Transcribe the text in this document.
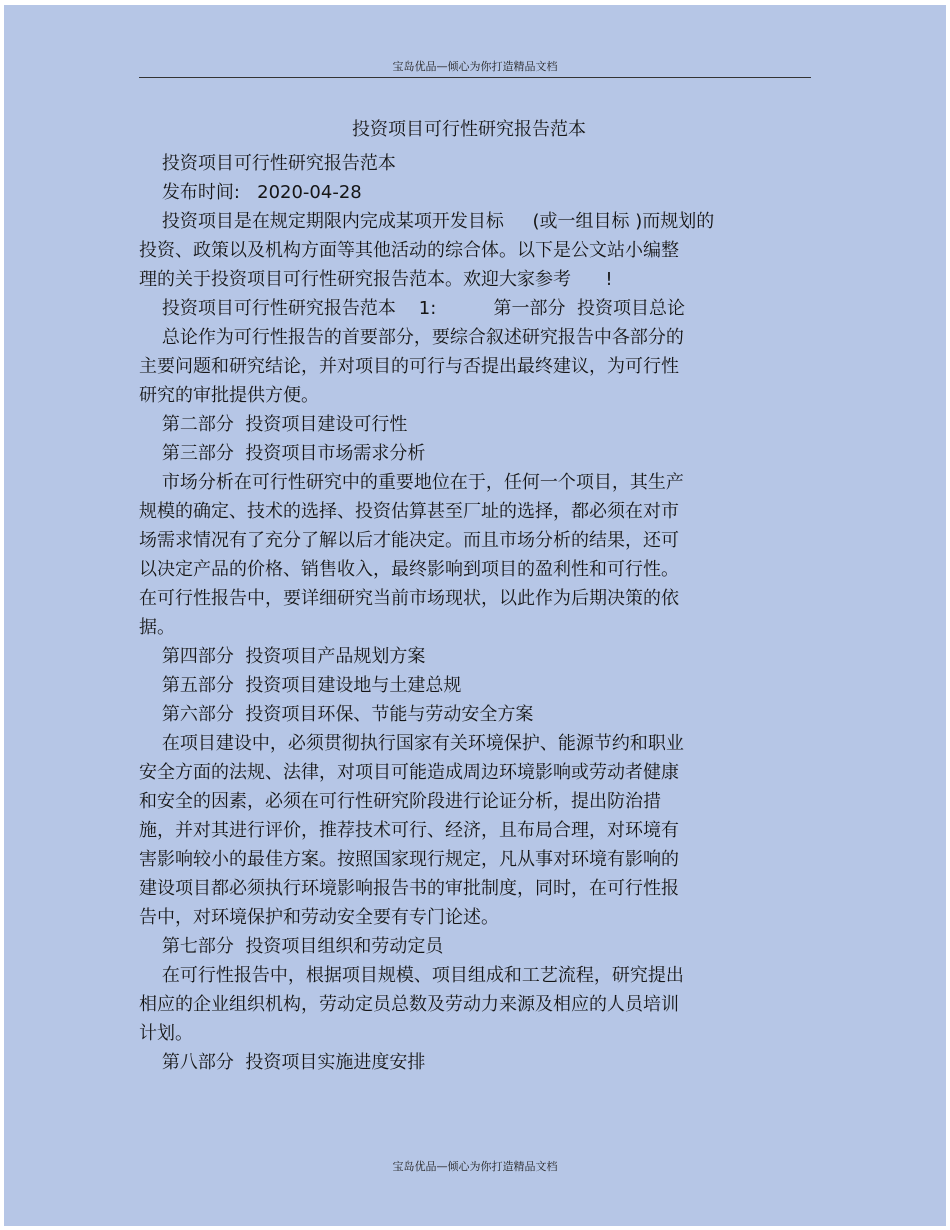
宝岛优品—倾心为你打造精品文档
投资项目可行性研究报告范本
投资项目可行性研究报告范本
发布时间:   2020-04-28
投资项目是在规定期限内完成某项开发目标     (或一组目标 )而规划的
投资、政策以及机构方面等其他活动的综合体。以下是公文站小编整
理的关于投资项目可行性研究报告范本。欢迎大家参考      !
投资项目可行性研究报告范本    1:          第一部分  投资项目总论
总论作为可行性报告的首要部分，要综合叙述研究报告中各部分的
主要问题和研究结论，并对项目的可行与否提出最终建议，为可行性
研究的审批提供方便。
第二部分  投资项目建设可行性
第三部分  投资项目市场需求分析
市场分析在可行性研究中的重要地位在于，任何一个项目，其生产
规模的确定、技术的选择、投资估算甚至厂址的选择，都必须在对市
场需求情况有了充分了解以后才能决定。而且市场分析的结果，还可
以决定产品的价格、销售收入，最终影响到项目的盈利性和可行性。
在可行性报告中，要详细研究当前市场现状，以此作为后期决策的依
据。
第四部分  投资项目产品规划方案
第五部分  投资项目建设地与土建总规
第六部分  投资项目环保、节能与劳动安全方案
在项目建设中，必须贯彻执行国家有关环境保护、能源节约和职业
安全方面的法规、法律，对项目可能造成周边环境影响或劳动者健康
和安全的因素，必须在可行性研究阶段进行论证分析，提出防治措
施，并对其进行评价，推荐技术可行、经济，且布局合理，对环境有
害影响较小的最佳方案。按照国家现行规定，凡从事对环境有影响的
建设项目都必须执行环境影响报告书的审批制度，同时，在可行性报
告中，对环境保护和劳动安全要有专门论述。
第七部分  投资项目组织和劳动定员
在可行性报告中，根据项目规模、项目组成和工艺流程，研究提出
相应的企业组织机构，劳动定员总数及劳动力来源及相应的人员培训
计划。
第八部分  投资项目实施进度安排
宝岛优品—倾心为你打造精品文档
